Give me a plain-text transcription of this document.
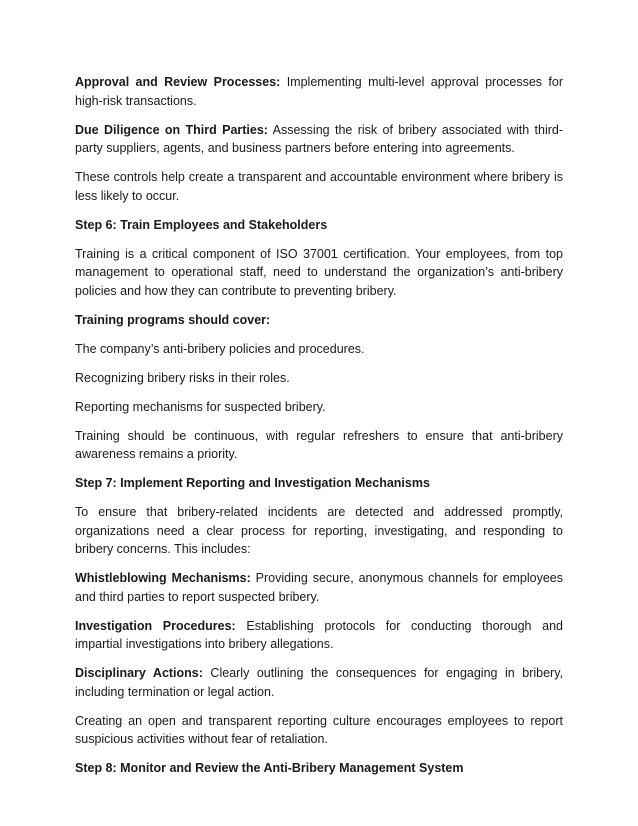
Approval and Review Processes: Implementing multi-level approval processes for high-risk transactions.

Due Diligence on Third Parties: Assessing the risk of bribery associated with third-party suppliers, agents, and business partners before entering into agreements.

These controls help create a transparent and accountable environment where bribery is less likely to occur.

Step 6: Train Employees and Stakeholders

Training is a critical component of ISO 37001 certification. Your employees, from top management to operational staff, need to understand the organization’s anti-bribery policies and how they can contribute to preventing bribery.

Training programs should cover:

The company’s anti-bribery policies and procedures.

Recognizing bribery risks in their roles.

Reporting mechanisms for suspected bribery.

Training should be continuous, with regular refreshers to ensure that anti-bribery awareness remains a priority.

Step 7: Implement Reporting and Investigation Mechanisms

To ensure that bribery-related incidents are detected and addressed promptly, organizations need a clear process for reporting, investigating, and responding to bribery concerns. This includes:

Whistleblowing Mechanisms: Providing secure, anonymous channels for employees and third parties to report suspected bribery.

Investigation Procedures: Establishing protocols for conducting thorough and impartial investigations into bribery allegations.

Disciplinary Actions: Clearly outlining the consequences for engaging in bribery, including termination or legal action.

Creating an open and transparent reporting culture encourages employees to report suspicious activities without fear of retaliation.

Step 8: Monitor and Review the Anti-Bribery Management System
